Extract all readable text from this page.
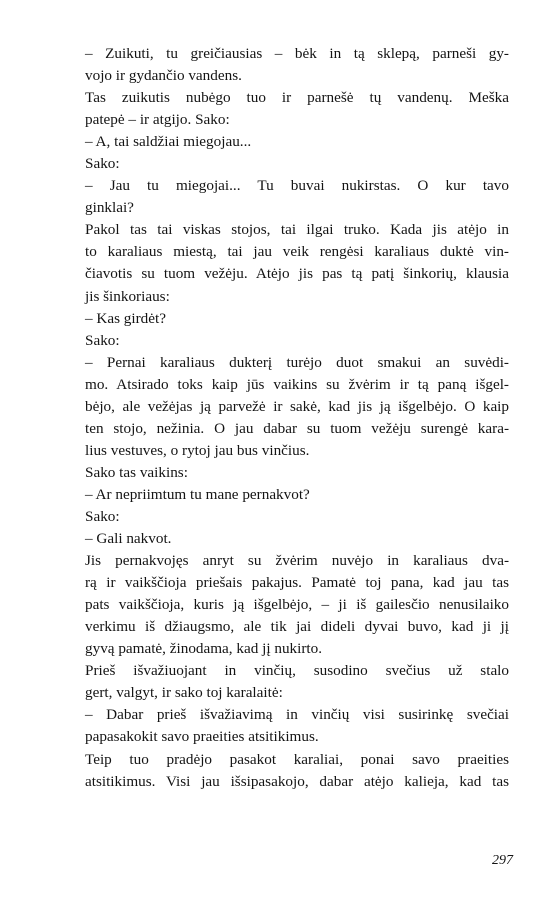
– Zuikuti, tu greičiausias – bėk in tą sklepą, parneši gy-
vojo ir gydančio vandens.
Tas zuikutis nubėgo tuo ir parnešė tų vandenų. Meška
patepė – ir atgijo. Sako:
– A, tai saldžiai miegojau...
Sako:
– Jau tu miegojai... Tu buvai nukirstas. O kur tavo
ginklai?
Pakol tas tai viskas stojos, tai ilgai truko. Kada jis atėjo in
to karaliaus miestą, tai jau veik rengėsi karaliaus duktė vin-
čiavotis su tuom vežėju. Atėjo jis pas tą patį šinkorių, klausia
jis šinkoriaus:
– Kas girdėt?
Sako:
– Pernai karaliaus dukterį turėjo duot smakui an suvėdi-
mo. Atsirado toks kaip jūs vaikins su žvėrim ir tą paną išgel-
bėjo, ale vežėjas ją parvežė ir sakė, kad jis ją išgelbėjo. O kaip
ten stojo, nežinia. O jau dabar su tuom vežėju surengė kara-
lius vestuves, o rytoj jau bus vinčius.
Sako tas vaikins:
– Ar nepriimtum tu mane pernakvot?
Sako:
– Gali nakvot.
Jis pernakvojęs anryt su žvėrim nuvėjo in karaliaus dva-
rą ir vaikščioja priešais pakajus. Pamatė toj pana, kad jau tas
pats vaikščioja, kuris ją išgelbėjo, – ji iš gailesčio nenusilaiko
verkimu iš džiaugsmo, ale tik jai dideli dyvai buvo, kad ji jį
gyvą pamatė, žinodama, kad jį nukirto.
Prieš išvažiuojant in vinčių, susodino svečius už stalo
gert, valgyt, ir sako toj karalaitė:
– Dabar prieš išvažiavimą in vinčių visi susirinkę svečiai
papasakokit savo praeities atsitikimus.
Teip tuo pradėjo pasakot karaliai, ponai savo praeities
atsitikimus. Visi jau išsipasakojo, dabar atėjo kalieja, kad tas
297
